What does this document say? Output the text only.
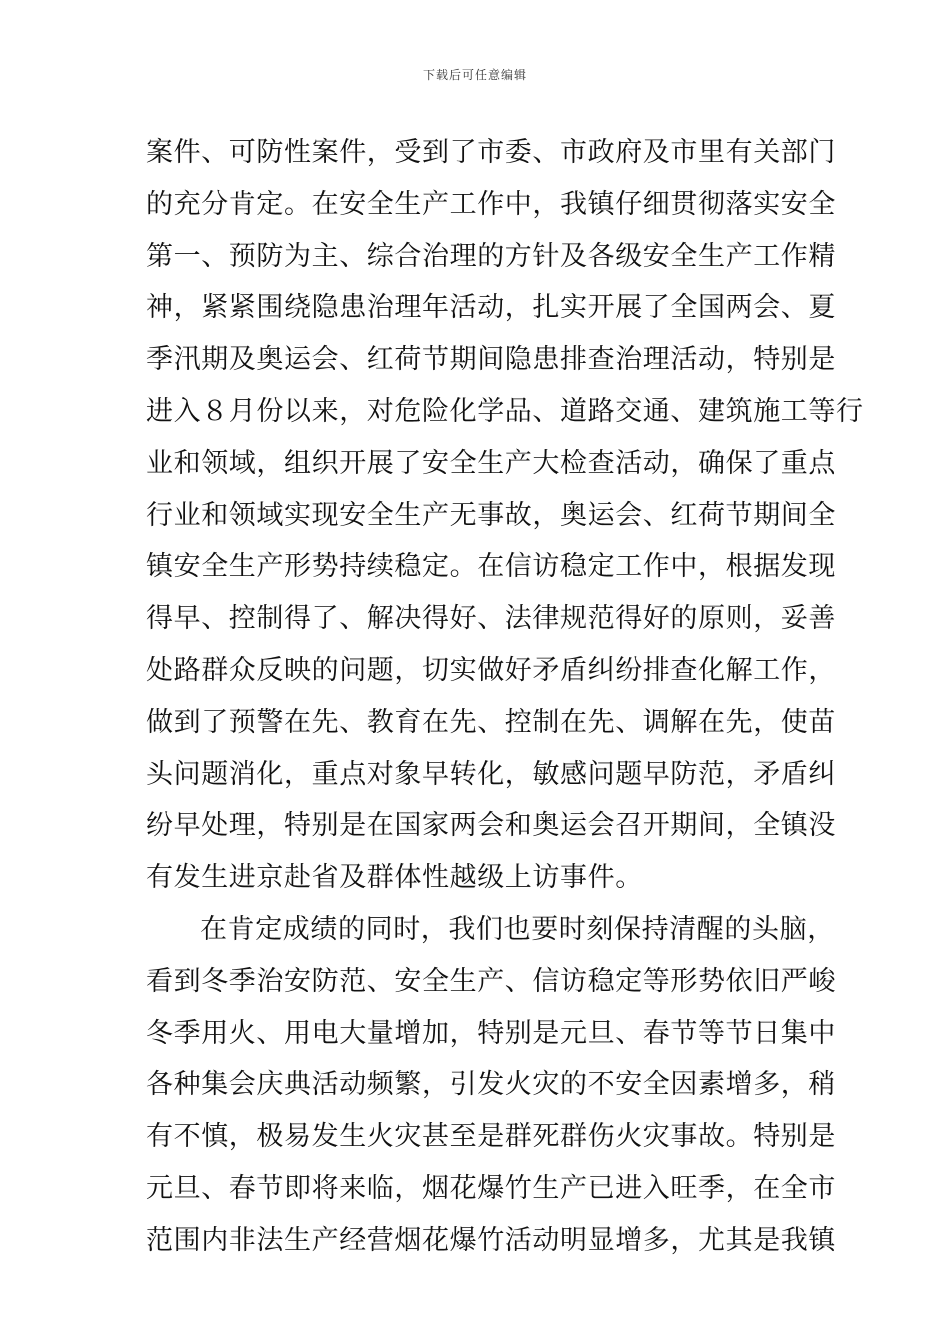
下载后可任意编辑
案件、可防性案件，受到了市委、市政府及市里有关部门
的充分肯定。在安全生产工作中，我镇仔细贯彻落实安全
第一、预防为主、综合治理的方针及各级安全生产工作精
神，紧紧围绕隐患治理年活动，扎实开展了全国两会、夏
季汛期及奥运会、红荷节期间隐患排查治理活动，特别是
进入８月份以来，对危险化学品、道路交通、建筑施工等行
业和领域，组织开展了安全生产大检查活动，确保了重点
行业和领域实现安全生产无事故，奥运会、红荷节期间全
镇安全生产形势持续稳定。在信访稳定工作中，根据发现
得早、控制得了、解决得好、法律规范得好的原则，妥善
处路群众反映的问题，切实做好矛盾纠纷排查化解工作，
做到了预警在先、教育在先、控制在先、调解在先，使苗
头问题消化，重点对象早转化，敏感问题早防范，矛盾纠
纷早处理，特别是在国家两会和奥运会召开期间，全镇没
有发生进京赴省及群体性越级上访事件。
在肯定成绩的同时，我们也要时刻保持清醒的头脑，
看到冬季治安防范、安全生产、信访稳定等形势依旧严峻
冬季用火、用电大量增加，特别是元旦、春节等节日集中
各种集会庆典活动频繁，引发火灾的不安全因素增多，稍
有不慎，极易发生火灾甚至是群死群伤火灾事故。特别是
元旦、春节即将来临，烟花爆竹生产已进入旺季，在全市
范围内非法生产经营烟花爆竹活动明显增多，尤其是我镇
